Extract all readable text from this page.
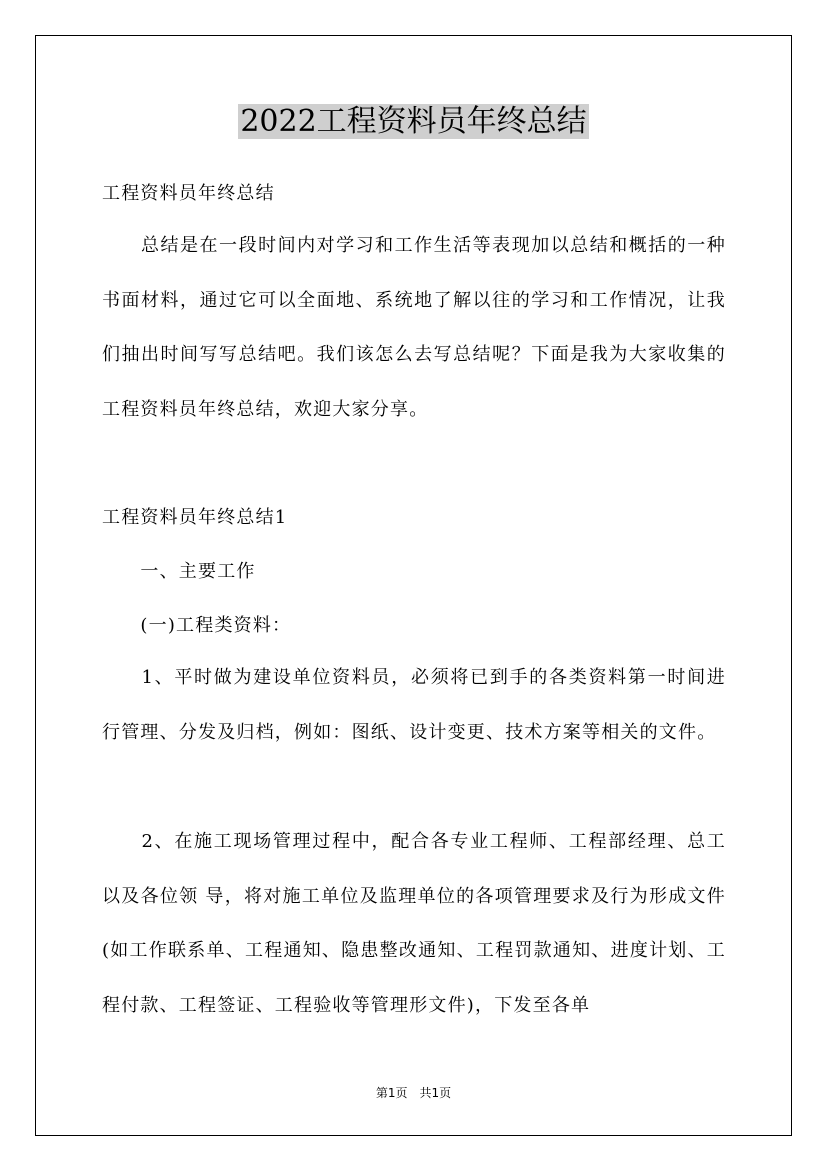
2022工程资料员年终总结

工程资料员年终总结

　　总结是在一段时间内对学习和工作生活等表现加以总结和概括的一种书面材料，通过它可以全面地、系统地了解以往的学习和工作情况，让我们抽出时间写写总结吧。我们该怎么去写总结呢？下面是我为大家收集的工程资料员年终总结，欢迎大家分享。

工程资料员年终总结1

　　一、主要工作

　　(一)工程类资料：

　　1、平时做为建设单位资料员，必须将已到手的各类资料第一时间进行管理、分发及归档，例如：图纸、设计变更、技术方案等相关的文件。

　　2、在施工现场管理过程中，配合各专业工程师、工程部经理、总工以及各位领 导，将对施工单位及监理单位的各项管理要求及行为形成文件(如工作联系单、工程通知、隐患整改通知、工程罚款通知、进度计划、工程付款、工程签证、工程验收等管理形文件)，下发至各单

第1页　共1页
